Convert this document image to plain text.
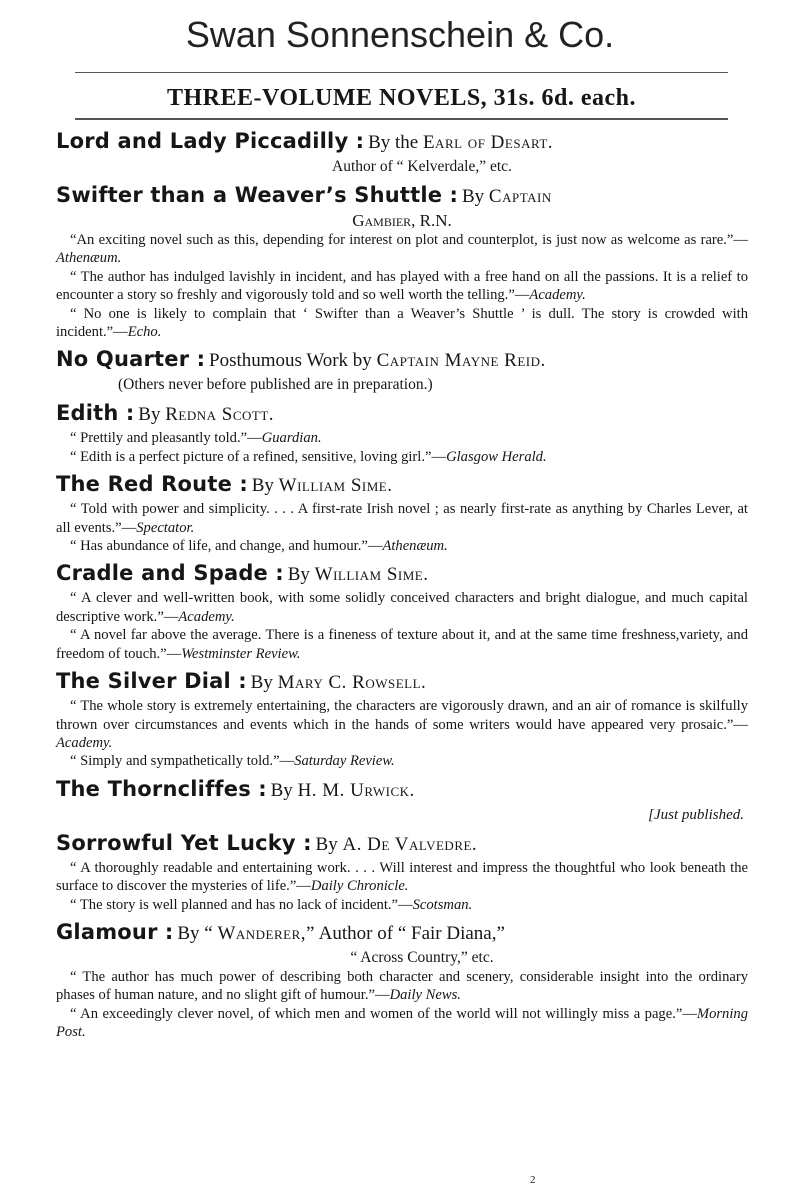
Swan Sonnenschein & Co.
THREE-VOLUME NOVELS, 31s. 6d. each.
Lord and Lady Piccadilly : By the Earl of Desart.
Author of “ Kelverdale,” etc.
Swifter than a Weaver’s Shuttle : By Captain
Gambier, R.N.
“An exciting novel such as this, depending for interest on plot and counterplot, is just now as welcome as rare.”—Athenæum.
“ The author has indulged lavishly in incident, and has played with a free hand on all the passions. It is a relief to encounter a story so freshly and vigorously told and so well worth the telling.”—Academy.
“ No one is likely to complain that ‘ Swifter than a Weaver’s Shuttle ’ is dull. The story is crowded with incident.”—Echo.
No Quarter : Posthumous Work by Captain Mayne Reid.
(Others never before published are in preparation.)
Edith : By Redna Scott.
“ Prettily and pleasantly told.”—Guardian.
“ Edith is a perfect picture of a refined, sensitive, loving girl.”—Glasgow Herald.
The Red Route : By William Sime.
“ Told with power and simplicity. . . . A first-rate Irish novel ; as nearly first-rate as anything by Charles Lever, at all events.”—Spectator.
“ Has abundance of life, and change, and humour.”—Athenæum.
Cradle and Spade : By William Sime.
“ A clever and well-written book, with some solidly conceived characters and bright dialogue, and much capital descriptive work.”—Academy.
“ A novel far above the average. There is a fineness of texture about it, and at the same time freshness,variety, and freedom of touch.”—Westminster Review.
The Silver Dial : By Mary C. Rowsell.
“ The whole story is extremely entertaining, the characters are vigorously drawn, and an air of romance is skilfully thrown over circumstances and events which in the hands of some writers would have appeared very prosaic.”—Academy.
“ Simply and sympathetically told.”—Saturday Review.
The Thorncliffes : By H. M. Urwick.
[Just published.
Sorrowful Yet Lucky : By A. De Valvedre.
“ A thoroughly readable and entertaining work. . . . Will interest and impress the thoughtful who look beneath the surface to discover the mysteries of life.”—Daily Chronicle.
“ The story is well planned and has no lack of incident.”—Scotsman.
Glamour : By “ Wanderer,” Author of “ Fair Diana,”
“ Across Country,” etc.
“ The author has much power of describing both character and scenery, considerable insight into the ordinary phases of human nature, and no slight gift of humour.”—Daily News.
“ An exceedingly clever novel, of which men and women of the world will not willingly miss a page.”—Morning Post.
2
